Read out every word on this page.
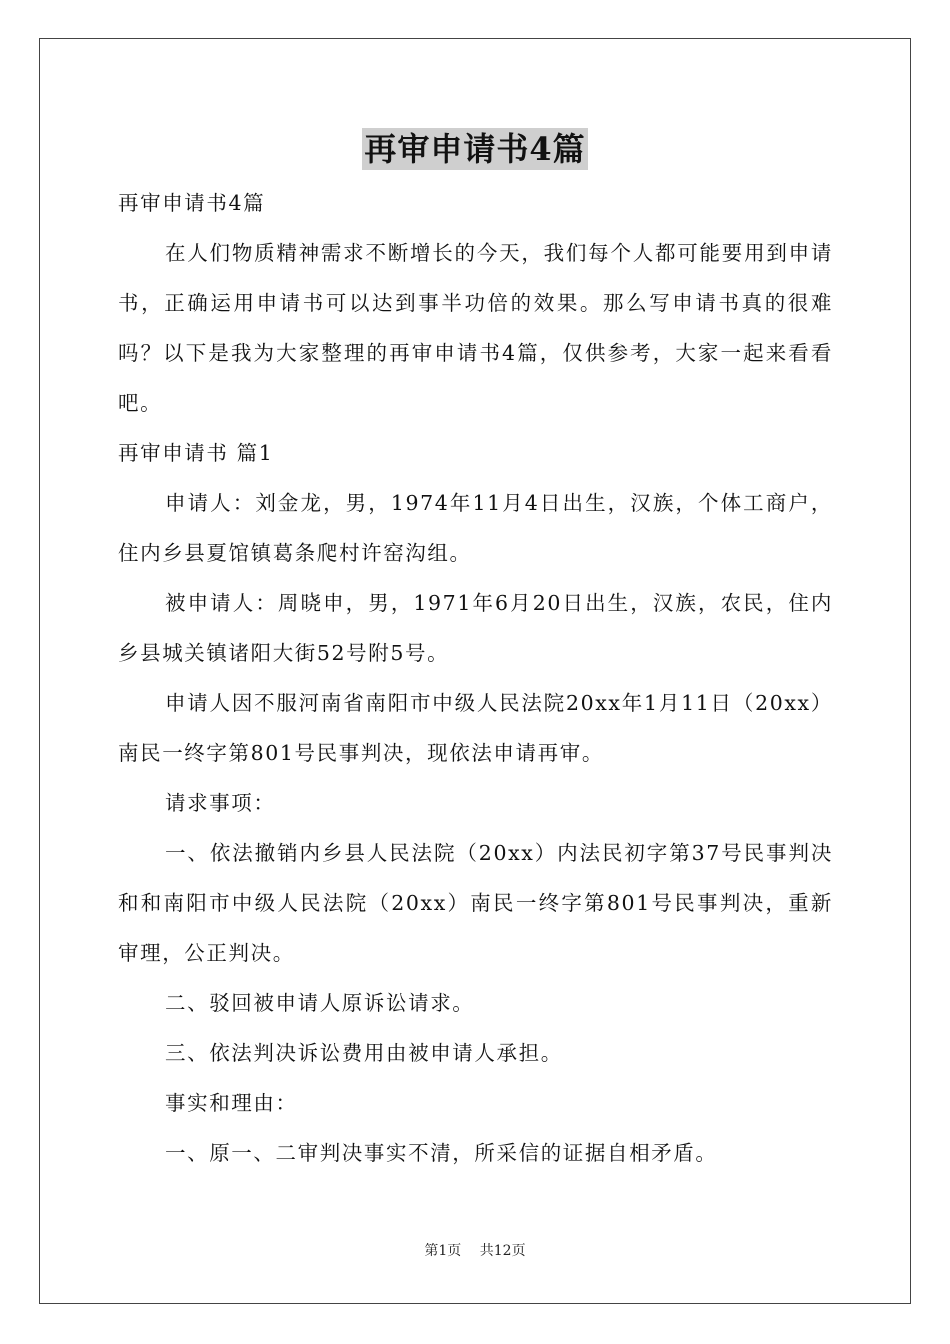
再审申请书4篇

再审申请书4篇

在人们物质精神需求不断增长的今天，我们每个人都可能要用到申请书，正确运用申请书可以达到事半功倍的效果。那么写申请书真的很难吗？以下是我为大家整理的再审申请书4篇，仅供参考，大家一起来看看吧。

再审申请书 篇1

申请人：刘金龙，男，1974年11月4日出生，汉族，个体工商户，住内乡县夏馆镇葛条爬村许窑沟组。

被申请人：周晓申，男，1971年6月20日出生，汉族，农民，住内乡县城关镇诸阳大街52号附5号。

申请人因不服河南省南阳市中级人民法院20xx年1月11日（20xx）南民一终字第801号民事判决，现依法申请再审。

请求事项：

一、依法撤销内乡县人民法院（20xx）内法民初字第37号民事判决和和南阳市中级人民法院（20xx）南民一终字第801号民事判决，重新审理，公正判决。

二、驳回被申请人原诉讼请求。

三、依法判决诉讼费用由被申请人承担。

事实和理由：

一、原一、二审判决事实不清，所采信的证据自相矛盾。

第1页 共12页
